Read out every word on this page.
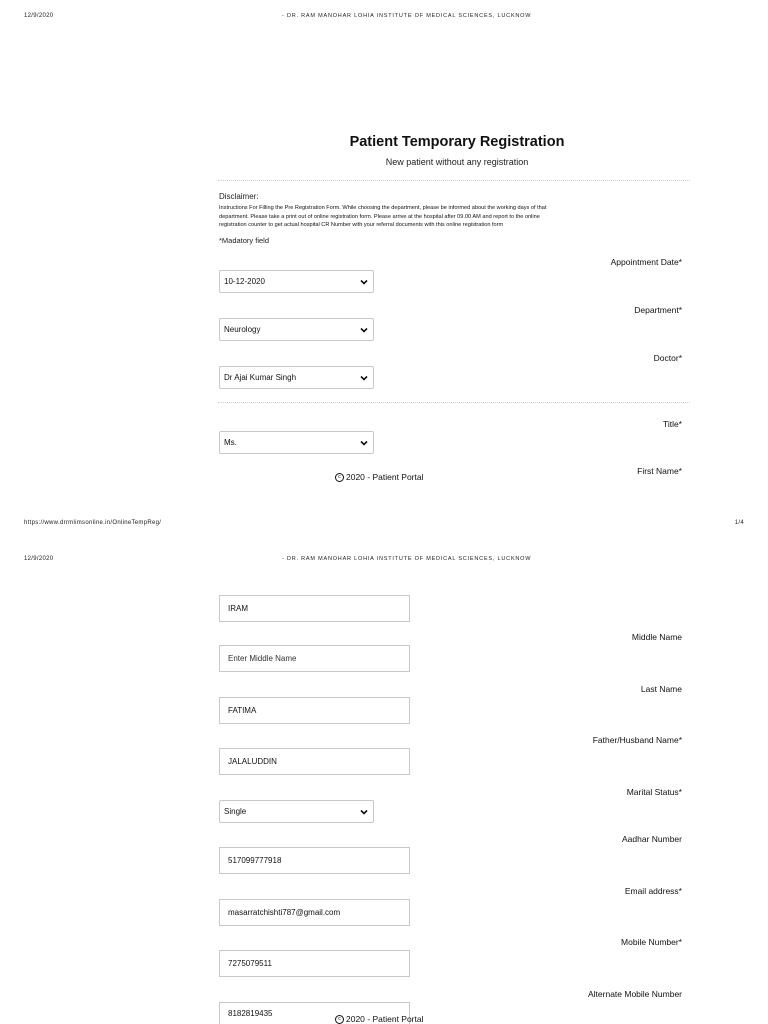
12/9/2020	- DR. RAM MANOHAR LOHIA INSTITUTE OF MEDICAL SCIENCES, LUCKNOW
Patient Temporary Registration
New patient without any registration
Disclaimer:
Instructions For Filling the Pre Registration Form. While choosing the department, please be informed about the working days of that
department. Please take a print out of online registration form. Please arrive at the hospital after 09.00 AM and report to the online
registration counter to get actual hospital CR Number with your referral documents with this online registration form
*Madatory field
Appointment Date*
10-12-2020
Department*
Neurology
Doctor*
Dr Ajai Kumar Singh
Title*
Ms.
c 2020 - Patient Portal
First Name*
https://www.drrmlimsonline.in/OnlineTempReg/	1/4
12/9/2020	- DR. RAM MANOHAR LOHIA INSTITUTE OF MEDICAL SCIENCES, LUCKNOW
IRAM
Middle Name
Enter Middle Name
Last Name
FATIMA
Father/Husband Name*
JALALUDDIN
Marital Status*
Single
Aadhar Number
517099777918
Email address*
masarratchishti787@gmail.com
Mobile Number*
7275079511
Alternate Mobile Number
8182819435
c 2020 - Patient Portal
